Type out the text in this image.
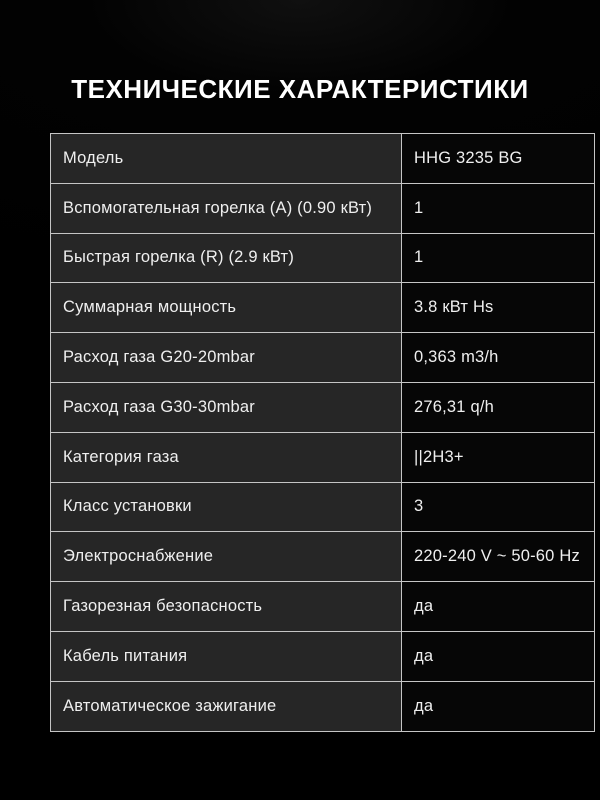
ТЕХНИЧЕСКИЕ ХАРАКТЕРИСТИКИ
Модель	HHG 3235 BG
Вспомогательная горелка (A) (0.90 кВт)	1
Быстрая горелка (R) (2.9 кВт)	1
Суммарная мощность	3.8 кВт Hs
Расход газа G20-20mbar	0,363 m3/h
Расход газа G30-30mbar	276,31 q/h
Категория газа	||2H3+
Класс установки	3
Электроснабжение	220-240 V ~ 50-60 Hz
Газорезная безопасность	да
Кабель питания	да
Автоматическое зажигание	да
